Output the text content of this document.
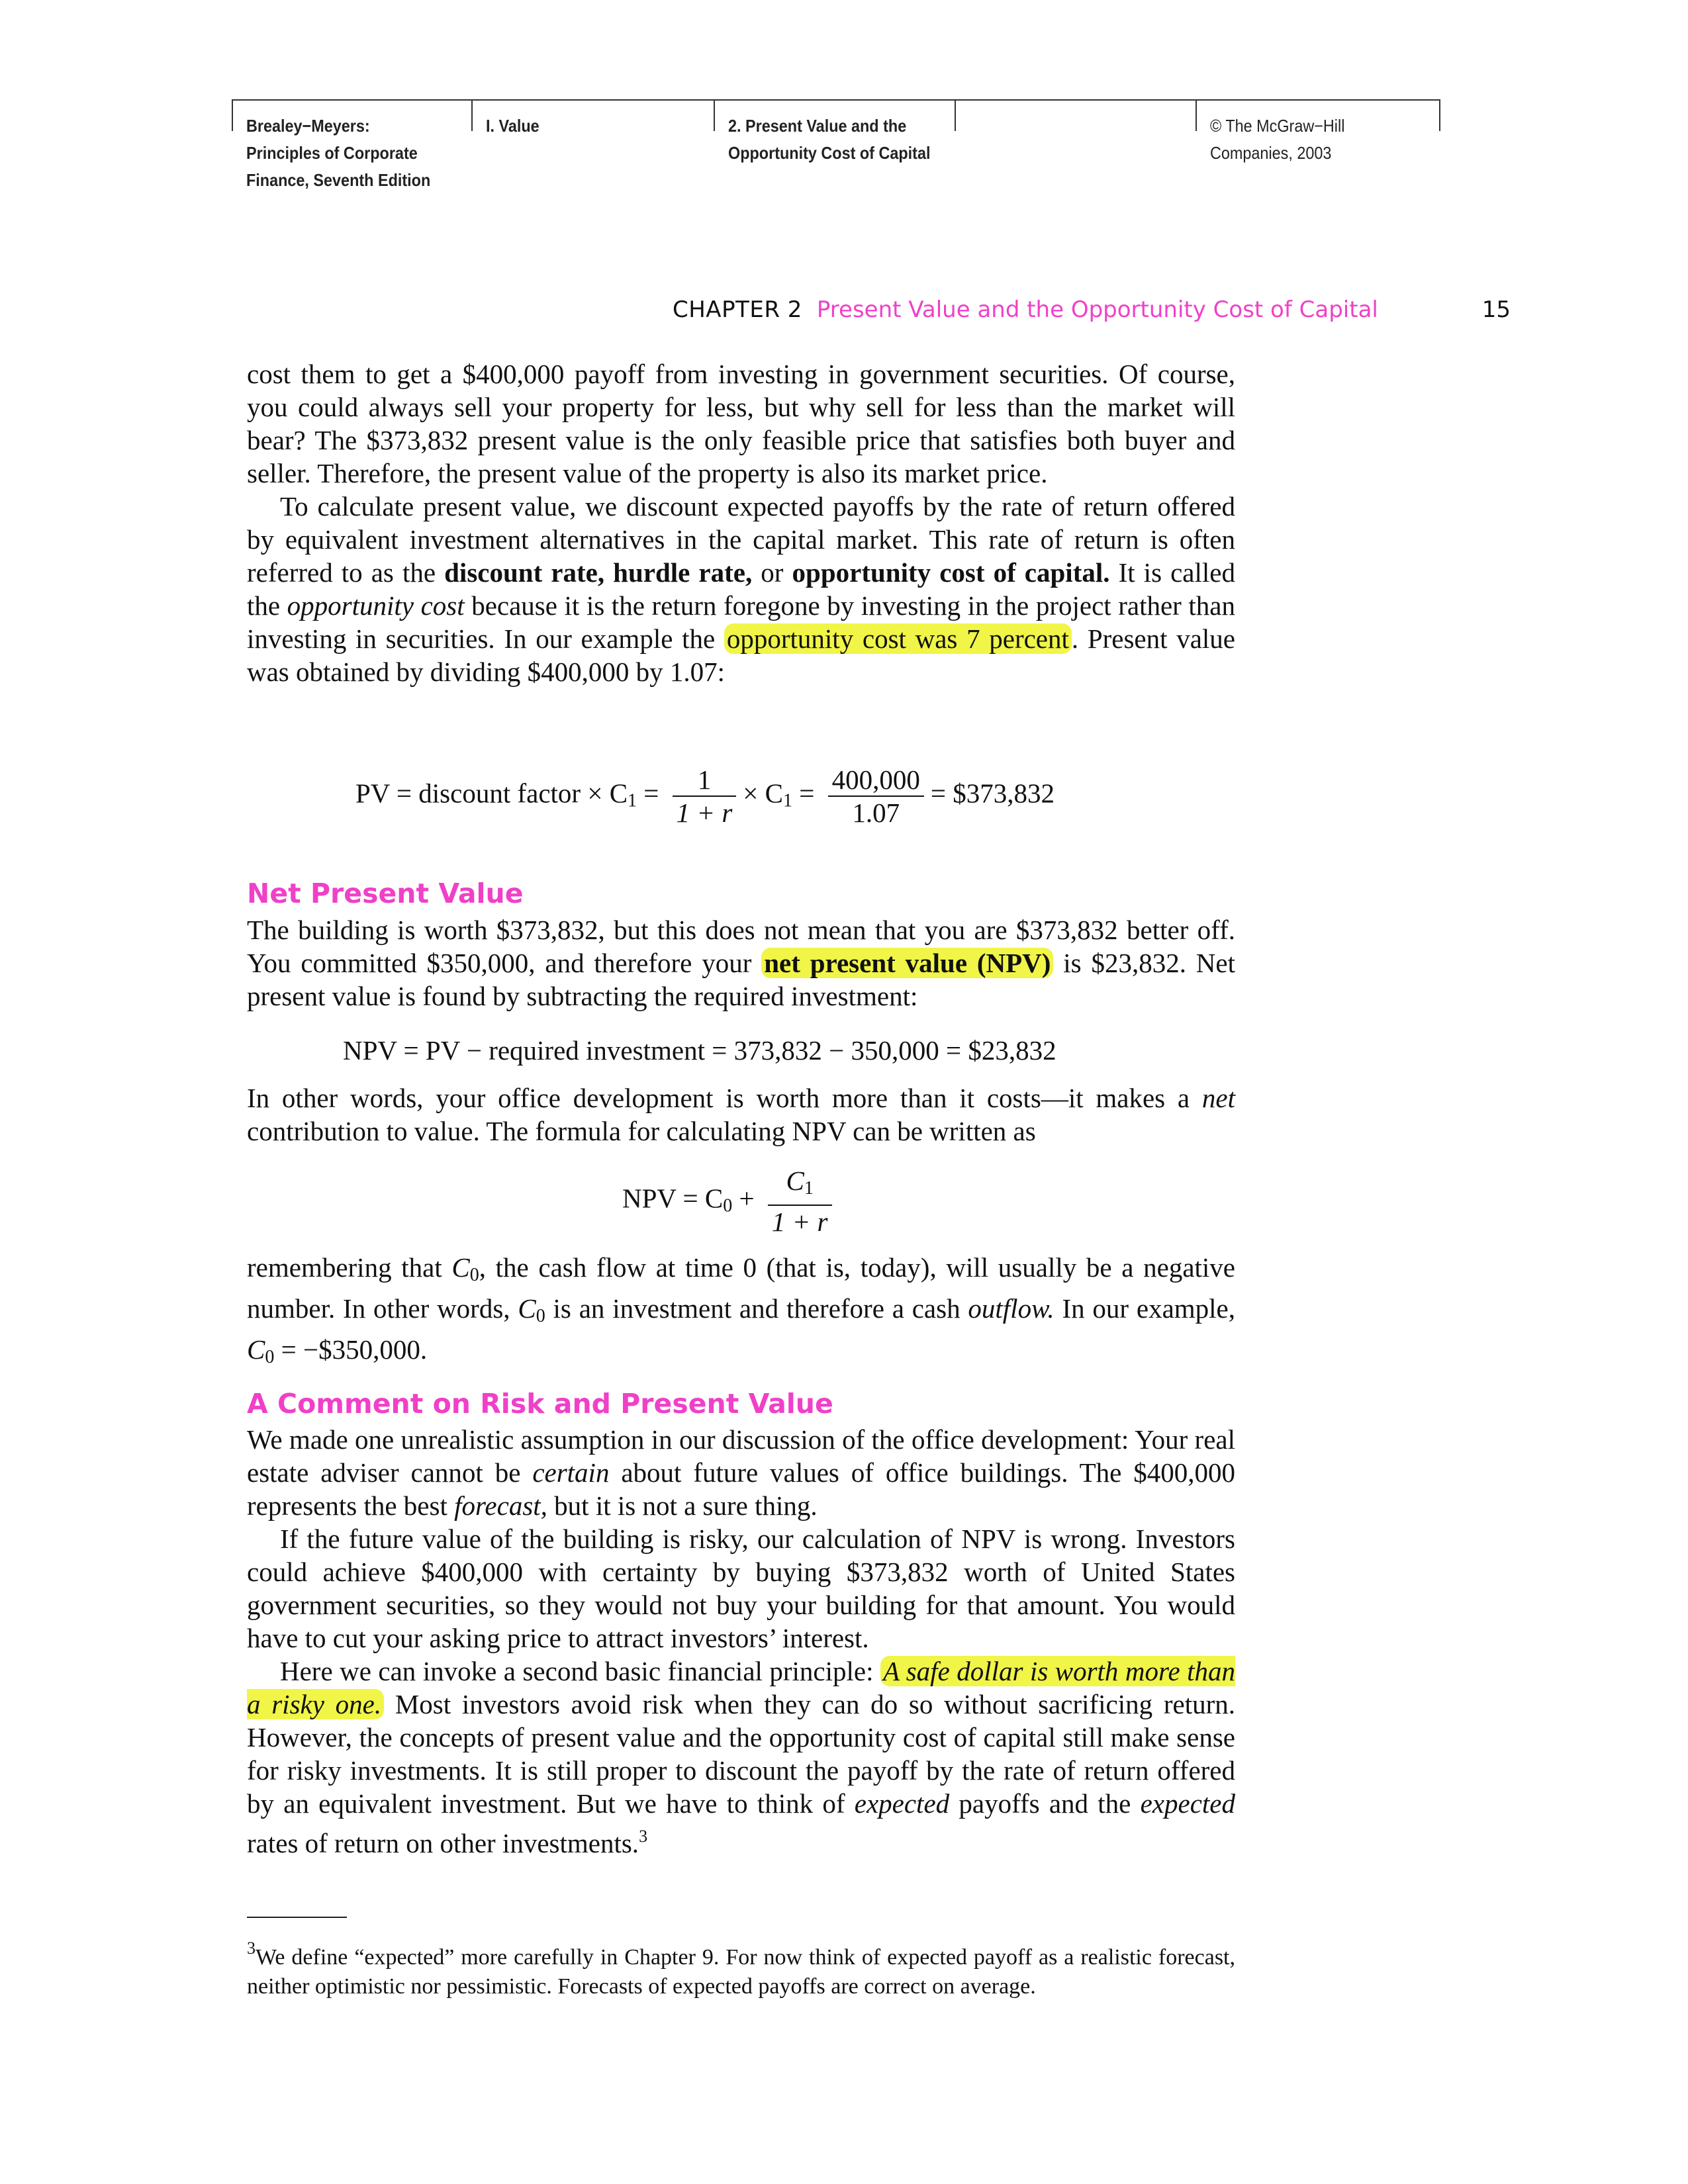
Brealey−Meyers:
Principles of Corporate
Finance, Seventh Edition
I. Value	2. Present Value and the
Opportunity Cost of Capital
© The McGraw−Hill
Companies, 2003
CHAPTER 2 Present Value and the Opportunity Cost of Capital	15

cost them to get a $400,000 payoff from investing in government securities. Of course, you could always sell your property for less, but why sell for less than the market will bear? The $373,832 present value is the only feasible price that satisfies both buyer and seller. Therefore, the present value of the property is also its market price.

To calculate present value, we discount expected payoffs by the rate of return offered by equivalent investment alternatives in the capital market. This rate of return is often referred to as the discount rate, hurdle rate, or opportunity cost of capital. It is called the opportunity cost because it is the return foregone by investing in the project rather than investing in securities. In our example the opportunity cost was 7 percent. Present value was obtained by dividing $400,000 by 1.07:

PV = discount factor × $C_1 = \frac{1}{1 + r} \times C_1 = \frac{400,000}{1.07}$ = $373,832
Net Present Value

The building is worth $373,832, but this does not mean that you are $373,832 better off. You committed $350,000, and therefore your net present value (NPV) is $23,832. Net present value is found by subtracting the required investment:

NPV = PV − required investment = 373,832 − 350,000 = $23,832

In other words, your office development is worth more than it costs—it makes a net contribution to value. The formula for calculating NPV can be written as

NPV = $C_0 + \frac{C_1}{1 + r}$

remembering that $C_0$, the cash flow at time 0 (that is, today), will usually be a negative number. In other words, $C_0$ is an investment and therefore a cash outflow. In our example, $C_0$ = −$350,000.

A Comment on Risk and Present Value

We made one unrealistic assumption in our discussion of the office development: Your real estate adviser cannot be certain about future values of office buildings. The $400,000 represents the best forecast, but it is not a sure thing.

If the future value of the building is risky, our calculation of NPV is wrong. Investors could achieve $400,000 with certainty by buying $373,832 worth of United States government securities, so they would not buy your building for that amount. You would have to cut your asking price to attract investors’ interest.

Here we can invoke a second basic financial principle: A safe dollar is worth more than a risky one. Most investors avoid risk when they can do so without sacrificing return. However, the concepts of present value and the opportunity cost of capital still make sense for risky investments. It is still proper to discount the payoff by the rate of return offered by an equivalent investment. But we have to think of expected payoffs and the expected rates of return on other investments.$^3$

$^3$We define “expected” more carefully in Chapter 9. For now think of expected payoff as a realistic forecast, neither optimistic nor pessimistic. Forecasts of expected payoffs are correct on average.
